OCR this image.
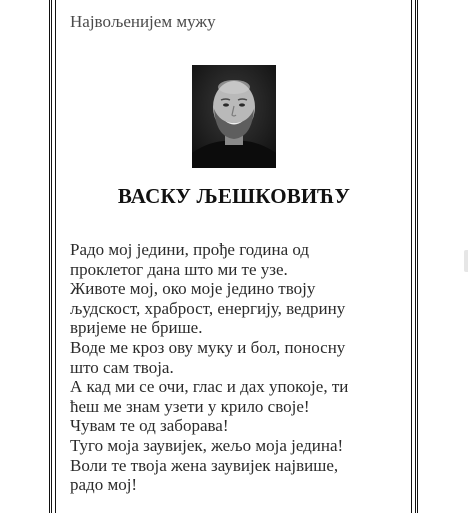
Највољенијем мужу
ВАСКУ ЉЕШКОВИЋУ
Радо мој једини, прође година од
проклетог дана што ми те узе.
Животе мој, око моје једино твоју
људскост, храброст, енергију, ведрину
вријеме не брише.
Воде ме кроз ову муку и бол, поносну
што сам твоја.
А кад ми се очи, глас и дах упокоје, ти
ћеш ме знам узети у крило своје!
Чувам те од заборава!
Туго моја заувијек, жељо моја једина!
Воли те твоја жена заувијек највише,
радо мој!
